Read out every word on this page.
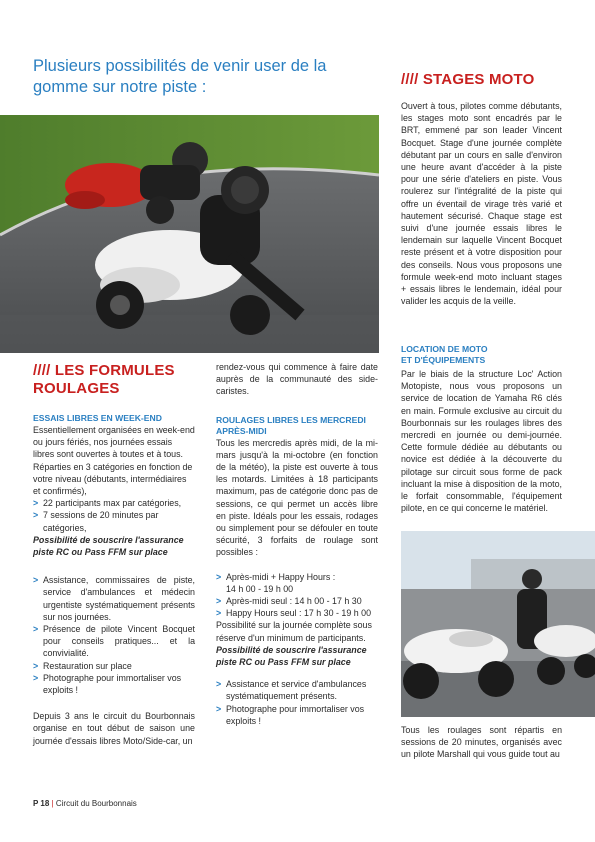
Plusieurs possibilités de venir user de la gomme sur notre piste :	//// STAGES MOTO

Ouvert à tous, pilotes comme débutants, les stages moto sont encadrés par le BRT, emmené par son leader Vincent Bocquet. Stage d'une journée complète débutant par un cours en salle d'environ une heure avant d'accéder à la piste pour une série d'ateliers en piste. Vous roulerez sur l'intégralité de la piste qui offre un éventail de virage très varié et hautement sécurisé. Chaque stage est suivi d'une journée essais libres le lendemain sur laquelle Vincent Bocquet reste présent et à votre disposition pour des conseils. Nous vous proposons une formule week-end moto incluant stages + essais libres le lendemain, idéal pour valider les acquis de la veille.

LOCATION DE MOTO
ET D'ÉQUIPEMENTS

Par le biais de la structure Loc' Action Motopiste, nous vous proposons un service de location de Yamaha R6 clés en main. Formule exclusive au circuit du Bourbonnais sur les roulages libres des mercredi en journée ou demi-journée. Cette formule dédiée au débutants ou novice est dédiée à la découverte du pilotage sur circuit sous forme de pack incluant la mise à disposition de la moto, le forfait consommable, l'équipement pilote, en ce qui concerne le matériel.

Tous les roulages sont répartis en sessions de 20 minutes, organisés avec un pilote Marshall qui vous guide tout au

//// LES FORMULES
ROULAGES
ESSAIS LIBRES EN WEEK-END

Essentiellement organisées en week-end ou jours fériés, nos journées essais libres sont ouvertes à toutes et à tous.

Réparties en 3 catégories en fonction de votre niveau (débutants, intermédiaires et confirmés),

> 22 participants max par catégories,

> 7 sessions de 20 minutes par catégories,

Possibilité de souscrire l'assurance piste RC ou Pass FFM sur place

> Assistance, commissaires de piste, service d'ambulances et médecin urgentiste systématiquement présents sur nos journées.

> Présence de pilote Vincent Bocquet pour conseils pratiques... et la convivialité.

> Restauration sur place

> Photographe pour immortaliser vos exploits !

Depuis 3 ans le circuit du Bourbonnais organise en tout début de saison une journée d'essais libres Moto/Side-car, un

rendez-vous qui commence à faire date auprès de la communauté des side-caristes.

ROULAGES LIBRES LES MERCREDI
APRÈS-MIDI

Tous les mercredis après midi, de la mi-mars jusqu'à la mi-octobre (en fonction de la météo), la piste est ouverte à tous les motards. Limitées à 18 participants maximum, pas de catégorie donc pas de sessions, ce qui permet un accès libre en piste. Idéals pour les essais, rodages ou simplement pour se défouler en toute sécurité, 3 forfaits de roulage sont possibles :

> Après-midi + Happy Hours :

14 h 00 - 19 h 00

> Après-midi seul : 14 h 00 - 17 h 30

> Happy Hours seul : 17 h 30 - 19 h 00

Possibilité sur la journée complète sous réserve d'un minimum de participants.

Possibilité de souscrire l'assurance piste RC ou Pass FFM sur place

> Assistance et service d'ambulances systématiquement présents.

> Photographe pour immortaliser vos exploits !

P 18 | Circuit du Bourbonnais
